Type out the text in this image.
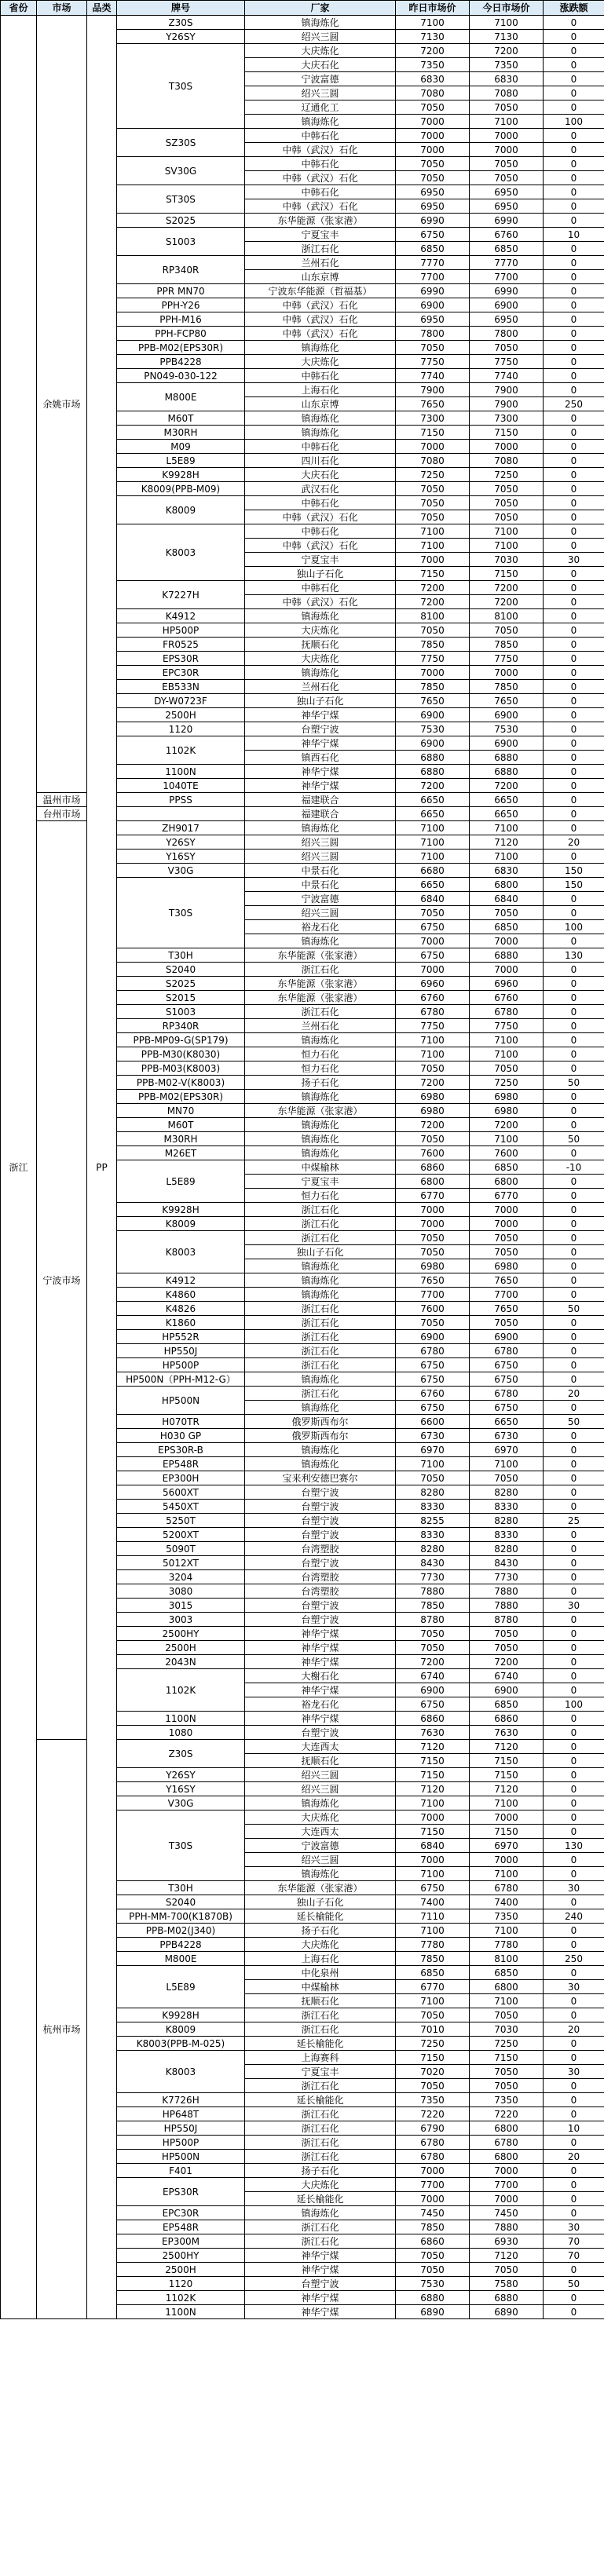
省份	市场	品类	牌号	厂家	昨日市场价	今日市场价	涨跌额
浙江	余姚市场	PP	Z30S	镇海炼化	7100	7100	0
			Y26SY	绍兴三圆	7130	7130	0
			T30S	大庆炼化	7200	7200	0
				大庆石化	7350	7350	0
				宁波富德	6830	6830	0
				绍兴三圆	7080	7080	0
				辽通化工	7050	7050	0
				镇海炼化	7000	7100	100
			SZ30S	中韩石化	7000	7000	0
				中韩（武汉）石化	7000	7000	0
			SV30G	中韩石化	7050	7050	0
				中韩（武汉）石化	7050	7050	0
			ST30S	中韩石化	6950	6950	0
				中韩（武汉）石化	6950	6950	0
			S2025	东华能源（张家港）	6990	6990	0
			S1003	宁夏宝丰	6750	6760	10
				浙江石化	6850	6850	0
			RP340R	兰州石化	7770	7770	0
				山东京博	7700	7700	0
			PPR MN70	宁波东华能源（哲福基）	6990	6990	0
			PPH-Y26	中韩（武汉）石化	6900	6900	0
			PPH-M16	中韩（武汉）石化	6950	6950	0
			PPH-FCP80	中韩（武汉）石化	7800	7800	0
			PPB-M02(EPS30R)	镇海炼化	7050	7050	0
			PPB4228	大庆炼化	7750	7750	0
			PN049-030-122	中韩石化	7740	7740	0
			M800E	上海石化	7900	7900	0
				山东京博	7650	7900	250
			M60T	镇海炼化	7300	7300	0
			M30RH	镇海炼化	7150	7150	0
			M09	中韩石化	7000	7000	0
			L5E89	四川石化	7080	7080	0
			K9928H	大庆石化	7250	7250	0
			K8009(PPB-M09)	武汉石化	7050	7050	0
			K8009	中韩石化	7050	7050	0
				中韩（武汉）石化	7050	7050	0
			K8003	中韩石化	7100	7100	0
				中韩（武汉）石化	7100	7100	0
				宁夏宝丰	7000	7030	30
				独山子石化	7150	7150	0
			K7227H	中韩石化	7200	7200	0
				中韩（武汉）石化	7200	7200	0
			K4912	镇海炼化	8100	8100	0
			HP500P	大庆炼化	7050	7050	0
			FR0525	抚顺石化	7850	7850	0
			EPS30R	大庆炼化	7750	7750	0
			EPC30R	镇海炼化	7000	7000	0
			EB533N	兰州石化	7850	7850	0
			DY-W0723F	独山子石化	7650	7650	0
			2500H	神华宁煤	6900	6900	0
			1120	台塑宁波	7530	7530	0
			1102K	神华宁煤	6900	6900	0
				镇西石化	6880	6880	0
			1100N	神华宁煤	6880	6880	0
			1040TE	神华宁煤	7200	7200	0
	温州市场		PPSS	福建联合	6650	6650	0
	台州市场			福建联合	6650	6650	0
	宁波市场		ZH9017	镇海炼化	7100	7100	0
			Y26SY	绍兴三圆	7100	7120	20
			Y16SY	绍兴三圆	7100	7100	0
			V30G	中景石化	6680	6830	150
			T30S	中景石化	6650	6800	150
				宁波富德	6840	6840	0
				绍兴三圆	7050	7050	0
				裕龙石化	6750	6850	100
				镇海炼化	7000	7000	0
			T30H	东华能源（张家港）	6750	6880	130
			S2040	浙江石化	7000	7000	0
			S2025	东华能源（张家港）	6960	6960	0
			S2015	东华能源（张家港）	6760	6760	0
			S1003	浙江石化	6780	6780	0
			RP340R	兰州石化	7750	7750	0
			PPB-MP09-G(SP179)	镇海炼化	7100	7100	0
			PPB-M30(K8030)	恒力石化	7100	7100	0
			PPB-M03(K8003)	恒力石化	7050	7050	0
			PPB-M02-V(K8003)	扬子石化	7200	7250	50
			PPB-M02(EPS30R)	镇海炼化	6980	6980	0
			MN70	东华能源（张家港）	6980	6980	0
			M60T	镇海炼化	7200	7200	0
			M30RH	镇海炼化	7050	7100	50
			M26ET	镇海炼化	7600	7600	0
			L5E89	中煤榆林	6860	6850	-10
				宁夏宝丰	6800	6800	0
				恒力石化	6770	6770	0
			K9928H	浙江石化	7000	7000	0
			K8009	浙江石化	7000	7000	0
			K8003	浙江石化	7050	7050	0
				独山子石化	7050	7050	0
				镇海炼化	6980	6980	0
			K4912	镇海炼化	7650	7650	0
			K4860	镇海炼化	7700	7700	0
			K4826	浙江石化	7600	7650	50
			K1860	浙江石化	7050	7050	0
			HP552R	浙江石化	6900	6900	0
			HP550J	浙江石化	6780	6780	0
			HP500P	浙江石化	6750	6750	0
			HP500N（PPH-M12-G）	镇海炼化	6750	6750	0
			HP500N	浙江石化	6760	6780	20
				镇海炼化	6750	6750	0
			H070TR	俄罗斯西布尔	6600	6650	50
			H030 GP	俄罗斯西布尔	6730	6730	0
			EPS30R-B	镇海炼化	6970	6970	0
			EP548R	镇海炼化	7100	7100	0
			EP300H	宝来利安德巴赛尔	7050	7050	0
			5600XT	台塑宁波	8280	8280	0
			5450XT	台塑宁波	8330	8330	0
			5250T	台塑宁波	8255	8280	25
			5200XT	台塑宁波	8330	8330	0
			5090T	台湾塑胶	8280	8280	0
			5012XT	台塑宁波	8430	8430	0
			3204	台湾塑胶	7730	7730	0
			3080	台湾塑胶	7880	7880	0
			3015	台塑宁波	7850	7880	30
			3003	台塑宁波	8780	8780	0
			2500HY	神华宁煤	7050	7050	0
			2500H	神华宁煤	7050	7050	0
			2043N	神华宁煤	7200	7200	0
			1102K	大榭石化	6740	6740	0
				神华宁煤	6900	6900	0
				裕龙石化	6750	6850	100
			1100N	神华宁煤	6860	6860	0
			1080	台塑宁波	7630	7630	0
	杭州市场		Z30S	大连西太	7120	7120	0
				抚顺石化	7150	7150	0
			Y26SY	绍兴三圆	7150	7150	0
			Y16SY	绍兴三圆	7120	7120	0
			V30G	镇海炼化	7100	7100	0
			T30S	大庆炼化	7000	7000	0
				大连西太	7150	7150	0
				宁波富德	6840	6970	130
				绍兴三圆	7000	7000	0
				镇海炼化	7100	7100	0
			T30H	东华能源（张家港）	6750	6780	30
			S2040	独山子石化	7400	7400	0
			PPH-MM-700(K1870B)	延长榆能化	7110	7350	240
			PPB-M02(J340)	扬子石化	7100	7100	0
			PPB4228	大庆炼化	7780	7780	0
			M800E	上海石化	7850	8100	250
			L5E89	中化泉州	6850	6850	0
				中煤榆林	6770	6800	30
				抚顺石化	7100	7100	0
			K9928H	浙江石化	7050	7050	0
			K8009	浙江石化	7010	7030	20
			K8003(PPB-M-025)	延长榆能化	7250	7250	0
			K8003	上海赛科	7150	7150	0
				宁夏宝丰	7020	7050	30
				浙江石化	7050	7050	0
			K7726H	延长榆能化	7350	7350	0
			HP648T	浙江石化	7220	7220	0
			HP550J	浙江石化	6790	6800	10
			HP500P	浙江石化	6780	6780	0
			HP500N	浙江石化	6780	6800	20
			F401	扬子石化	7000	7000	0
			EPS30R	大庆炼化	7700	7700	0
				延长榆能化	7000	7000	0
			EPC30R	镇海炼化	7450	7450	0
			EP548R	浙江石化	7850	7880	30
			EP300M	浙江石化	6860	6930	70
			2500HY	神华宁煤	7050	7120	70
			2500H	神华宁煤	7050	7050	0
			1120	台塑宁波	7530	7580	50
			1102K	神华宁煤	6880	6880	0
			1100N	神华宁煤	6890	6890	0
